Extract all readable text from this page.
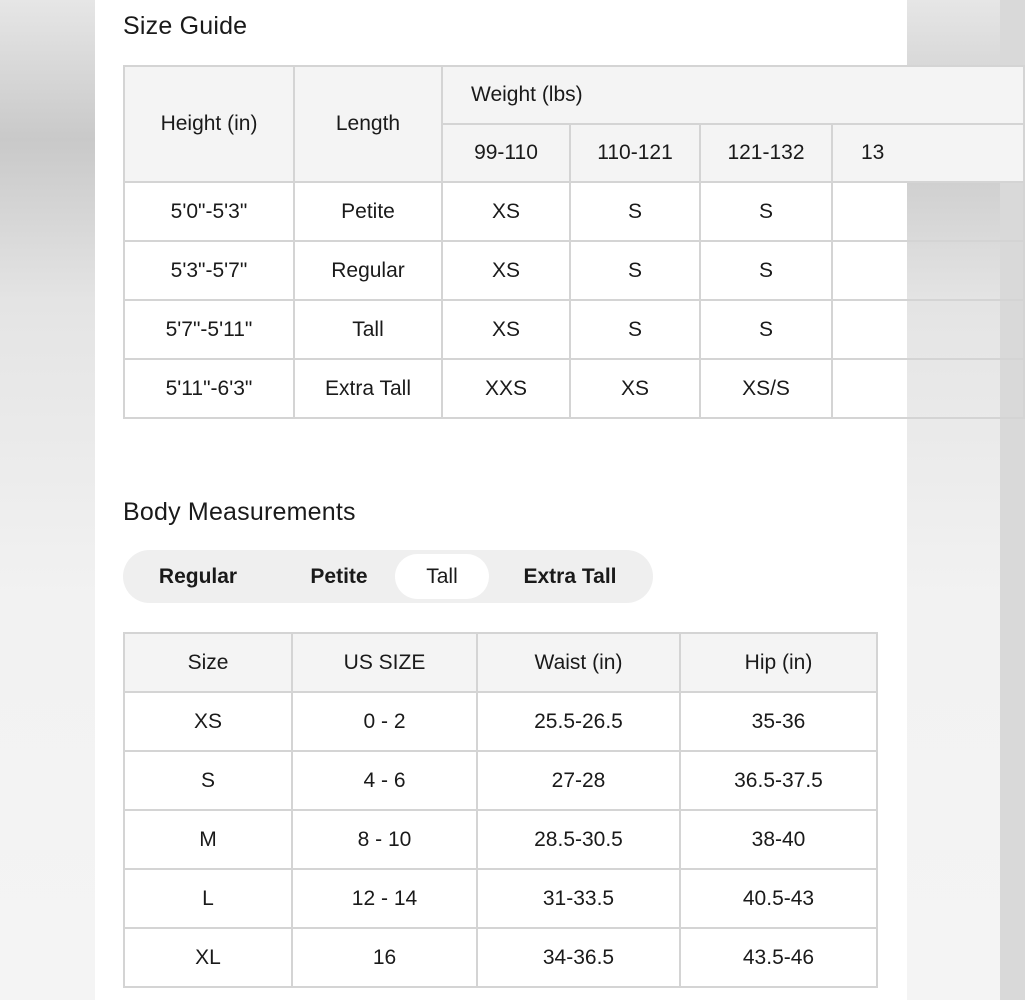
Size Guide
Height (in)	Length	Weight (lbs)			
		99-110	110-121	121-132	13
5'0"-5'3"	Petite	XS	S	S	
5'3"-5'7"	Regular	XS	S	S	
5'7"-5'11"	Tall	XS	S	S	
5'11"-6'3"	Extra Tall	XXS	XS	XS/S	
Body Measurements
Regular	Petite	Tall	Extra Tall
Size	US SIZE	Waist (in)	Hip (in)
XS	0 - 2	25.5-26.5	35-36
S	4 - 6	27-28	36.5-37.5
M	8 - 10	28.5-30.5	38-40
L	12 - 14	31-33.5	40.5-43
XL	16	34-36.5	43.5-46
